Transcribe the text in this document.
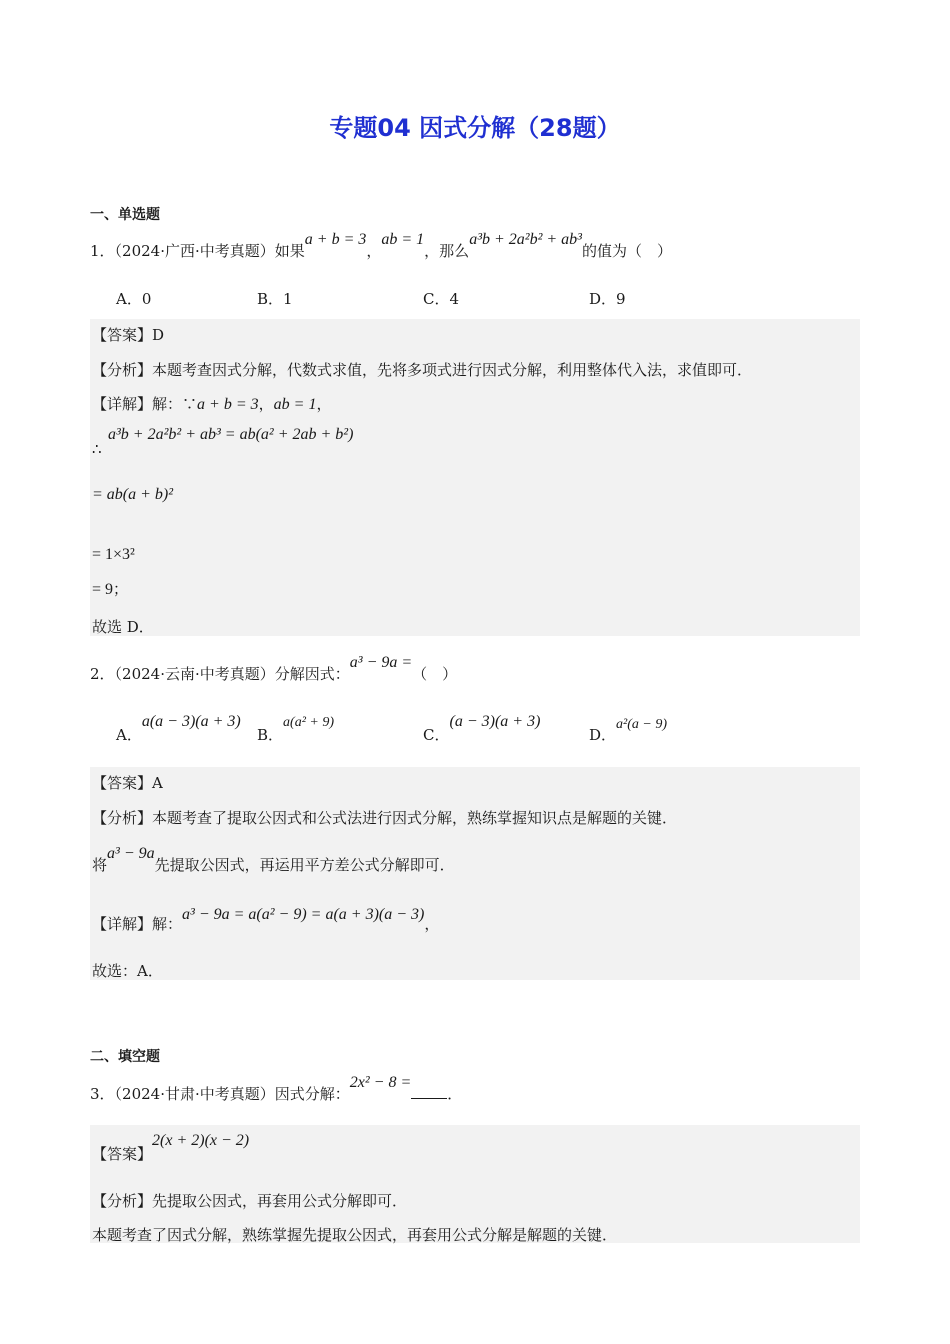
专题04 因式分解（28题）
一、单选题
1．（2024·广西·中考真题）如果a + b = 3，ab = 1，那么a³b + 2a²b² + ab³的值为（　）
A．0	B．1	C．4	D．9
【答案】D
【分析】本题考查因式分解，代数式求值，先将多项式进行因式分解，利用整体代入法，求值即可．
【详解】解：∵a + b = 3，ab = 1，
∴
a³b + 2a²b² + ab³ = ab(a² + 2ab + b²)
= ab(a + b)²
= 1×3²
= 9；
故选 D．
2．（2024·云南·中考真题）分解因式：a³ − 9a =（　）
A．a(a − 3)(a + 3)
B．a(a² + 9)
C．(a − 3)(a + 3)
D．a²(a − 9)
【答案】A
【分析】本题考查了提取公因式和公式法进行因式分解，熟练掌握知识点是解题的关键．
将a³ − 9a先提取公因式，再运用平方差公式分解即可．
【详解】解：a³ − 9a = a(a² − 9) = a(a + 3)(a − 3)，
故选：A．
二、填空题
3．（2024·甘肃·中考真题）因式分解：2x² − 8 =．
【答案】2(x + 2)(x − 2)
【分析】先提取公因式，再套用公式分解即可．
本题考查了因式分解，熟练掌握先提取公因式，再套用公式分解是解题的关键．
